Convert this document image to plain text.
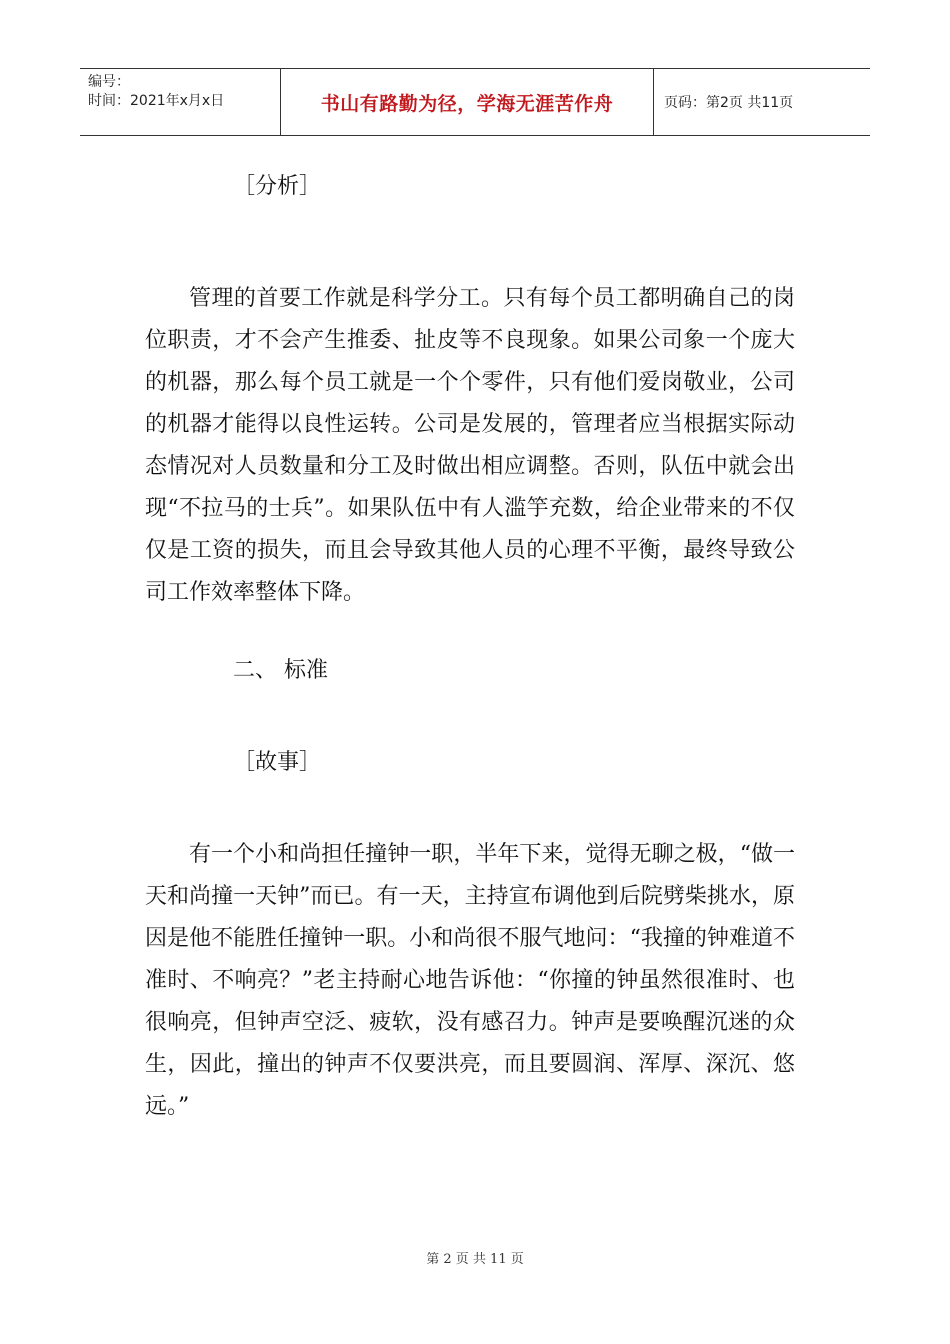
编号：
时间：2021年x月x日	书山有路勤为径，学海无涯苦作舟	页码：第2页 共11页

［分析］

管理的首要工作就是科学分工。只有每个员工都明确自己的岗位职责，才不会产生推委、扯皮等不良现象。如果公司象一个庞大的机器，那么每个员工就是一个个零件，只有他们爱岗敬业，公司的机器才能得以良性运转。公司是发展的，管理者应当根据实际动态情况对人员数量和分工及时做出相应调整。否则，队伍中就会出现“不拉马的士兵”。如果队伍中有人滥竽充数，给企业带来的不仅仅是工资的损失，而且会导致其他人员的心理不平衡，最终导致公司工作效率整体下降。

二、 标准

［故事］

有一个小和尚担任撞钟一职，半年下来，觉得无聊之极，“做一天和尚撞一天钟”而已。有一天，主持宣布调他到后院劈柴挑水，原因是他不能胜任撞钟一职。小和尚很不服气地问：“我撞的钟难道不准时、不响亮？”老主持耐心地告诉他：“你撞的钟虽然很准时、也很响亮，但钟声空泛、疲软，没有感召力。钟声是要唤醒沉迷的众生，因此，撞出的钟声不仅要洪亮，而且要圆润、浑厚、深沉、悠远。”

第 2 页 共 11 页
